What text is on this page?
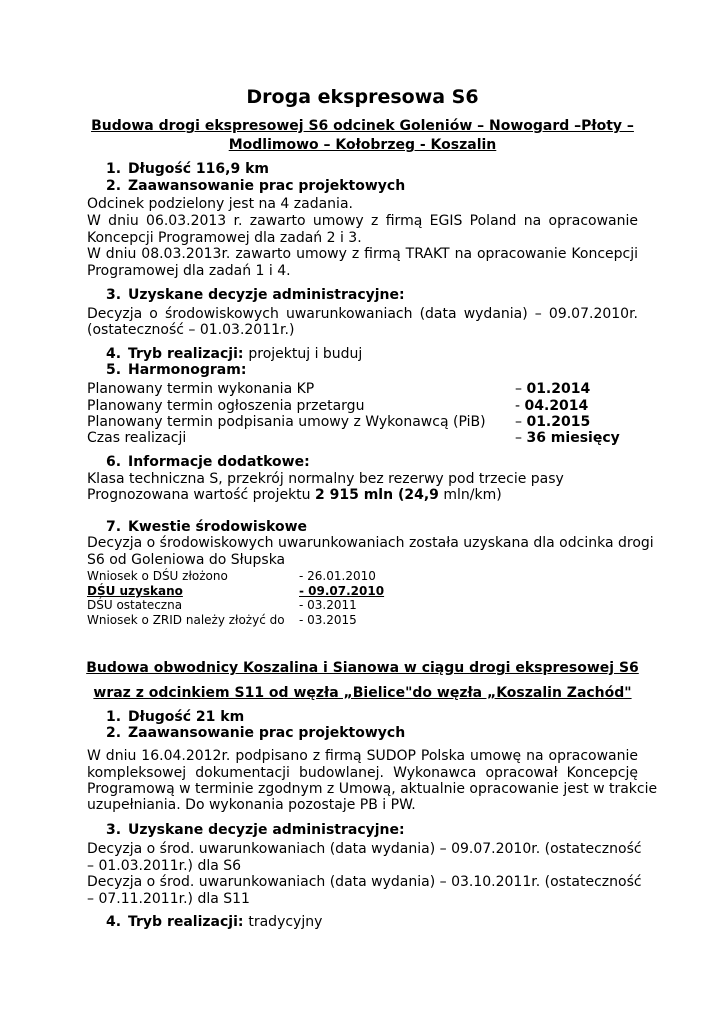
Droga ekspresowa S6
Budowa drogi ekspresowej S6 odcinek Goleniów – Nowogard –Płoty –
Modlimowo – Kołobrzeg - Koszalin
1. Długość 116,9 km
2. Zaawansowanie prac projektowych
Odcinek podzielony jest na 4 zadania.
W dniu 06.03.2013 r. zawarto umowy z firmą EGIS Poland na opracowanie
Koncepcji Programowej dla zadań 2 i 3.
W dniu 08.03.2013r. zawarto umowy z firmą TRAKT na opracowanie Koncepcji
Programowej dla zadań 1 i 4.
3. Uzyskane decyzje administracyjne:
Decyzja o środowiskowych uwarunkowaniach (data wydania) – 09.07.2010r.
(ostateczność – 01.03.2011r.)
4. Tryb realizacji: projektuj i buduj
5. Harmonogram:
Planowany termin wykonania KP	– 01.2014
Planowany termin ogłoszenia przetargu	- 04.2014
Planowany termin podpisania umowy z Wykonawcą (PiB) – 01.2015
Czas realizacji	– 36 miesięcy
6. Informacje dodatkowe:
Klasa techniczna S, przekrój normalny bez rezerwy pod trzecie pasy
Prognozowana wartość projektu 2 915 mln (24,9 mln/km)
7. Kwestie środowiskowe
Decyzja o środowiskowych uwarunkowaniach została uzyskana dla odcinka drogi
S6 od Goleniowa do Słupska
Wniosek o DŚU złożono	- 26.01.2010
DŚU uzyskano	- 09.07.2010
DŚU ostateczna	- 03.2011
Wniosek o ZRID należy złożyć do - 03.2015
Budowa obwodnicy Koszalina i Sianowa w ciągu drogi ekspresowej S6
wraz z odcinkiem S11 od węzła „Bielice"do węzła „Koszalin Zachód"
1. Długość 21 km
2. Zaawansowanie prac projektowych
W dniu 16.04.2012r. podpisano z firmą SUDOP Polska umowę na opracowanie
kompleksowej dokumentacji budowlanej. Wykonawca opracował Koncepcję
Programową w terminie zgodnym z Umową, aktualnie opracowanie jest w trakcie
uzupełniania. Do wykonania pozostaje PB i PW.
3. Uzyskane decyzje administracyjne:
Decyzja o środ. uwarunkowaniach (data wydania) – 09.07.2010r. (ostateczność
– 01.03.2011r.) dla S6
Decyzja o środ. uwarunkowaniach (data wydania) – 03.10.2011r. (ostateczność
– 07.11.2011r.) dla S11
4. Tryb realizacji: tradycyjny
